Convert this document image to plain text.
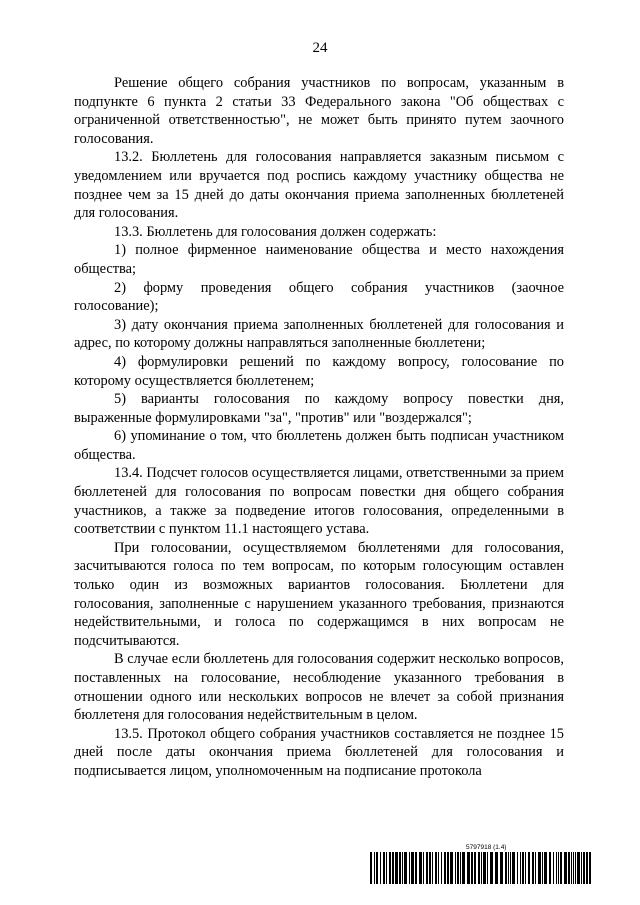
24

Решение общего собрания участников по вопросам, указанным в подпункте 6 пункта 2 статьи 33 Федерального закона "Об обществах с ограниченной ответственностью", не может быть принято путем заочного голосования.

13.2. Бюллетень для голосования направляется заказным письмом с уведомлением или вручается под роспись каждому участнику общества не позднее чем за 15 дней до даты окончания приема заполненных бюллетеней для голосования.

13.3. Бюллетень для голосования должен содержать:

1) полное фирменное наименование общества и место нахождения общества;

2) форму проведения общего собрания участников (заочное голосование);

3) дату окончания приема заполненных бюллетеней для голосования и адрес, по которому должны направляться заполненные бюллетени;

4) формулировки решений по каждому вопросу, голосование по которому осуществляется бюллетенем;

5) варианты голосования по каждому вопросу повестки дня, выраженные формулировками "за", "против" или "воздержался";

6) упоминание о том, что бюллетень должен быть подписан участником общества.

13.4. Подсчет голосов осуществляется лицами, ответственными за прием бюллетеней для голосования по вопросам повестки дня общего собрания участников, а также за подведение итогов голосования, определенными в соответствии с пунктом 11.1 настоящего устава.

При голосовании, осуществляемом бюллетенями для голосования, засчитываются голоса по тем вопросам, по которым голосующим оставлен только один из возможных вариантов голосования. Бюллетени для голосования, заполненные с нарушением указанного требования, признаются недействительными, и голоса по содержащимся в них вопросам не подсчитываются.

В случае если бюллетень для голосования содержит несколько вопросов, поставленных на голосование, несоблюдение указанного требования в отношении одного или нескольких вопросов не влечет за собой признания бюллетеня для голосования недействительным в целом.

13.5. Протокол общего собрания участников составляется не позднее 15 дней после даты окончания приема бюллетеней для голосования и подписывается лицом, уполномоченным на подписание протокола

5797918 (1.4)
